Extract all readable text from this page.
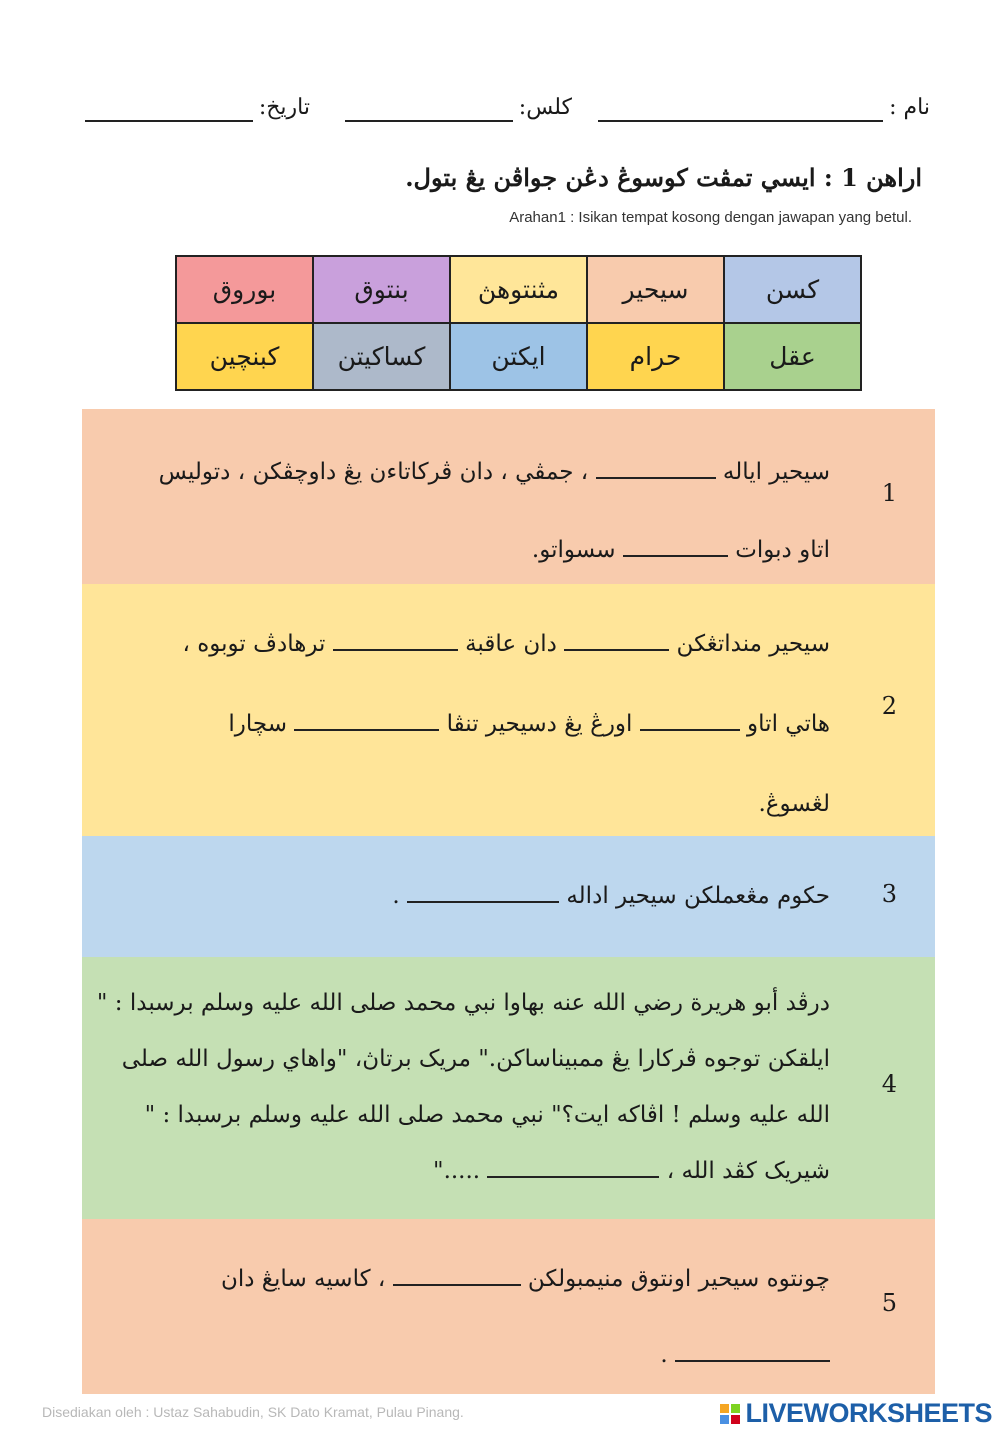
نام :
کلس:
تاريخ:
اراهن 1 : ايسي تمڤت كوسوڠ دڠن جواڤن يڠ بتول.
Arahan1 : Isikan tempat kosong dengan jawapan yang betul.
كسن	سيحير	مثنتوهڽ	بنتوق	بوروق
عقل	حرام	ايکتن	كساكيتن	كبنچين
1

سيحير اياله  ، جمڤي ، دان ڤركاتاءن يڠ داوچڤكن ، دتوليس

اتاو دبوات  سسواتو.

2

سيحير منداتڠكن  دان عاقبة  ترهادڤ توبوه ،

هاتي اتاو  اورڠ يڠ دسيحير تنڤا  سچارا

لڠسوڠ.

3

حكوم مڠعملكن سيحير اداله  .

4

درڤد أبو هريرة رضي الله عنه بهاوا نبي محمد صلى الله عليه وسلم برسبدا : "

ايلقكن توجوه ڤركارا يڠ ممبيناساكن." مريک برتاڽ، "واهاي رسول الله صلى

الله عليه وسلم ! اڤاكه ايت؟" نبي محمد صلى الله عليه وسلم برسبدا : "

شيريک كڤد الله ،  ....."

5

چونتوه سيحير اونتوق منيمبولكن  ، كاسيه سايڠ دان

.

Disediakan oleh : Ustaz Sahabudin, SK Dato Kramat, Pulau Pinang.	LIVEWORKSHEETS
